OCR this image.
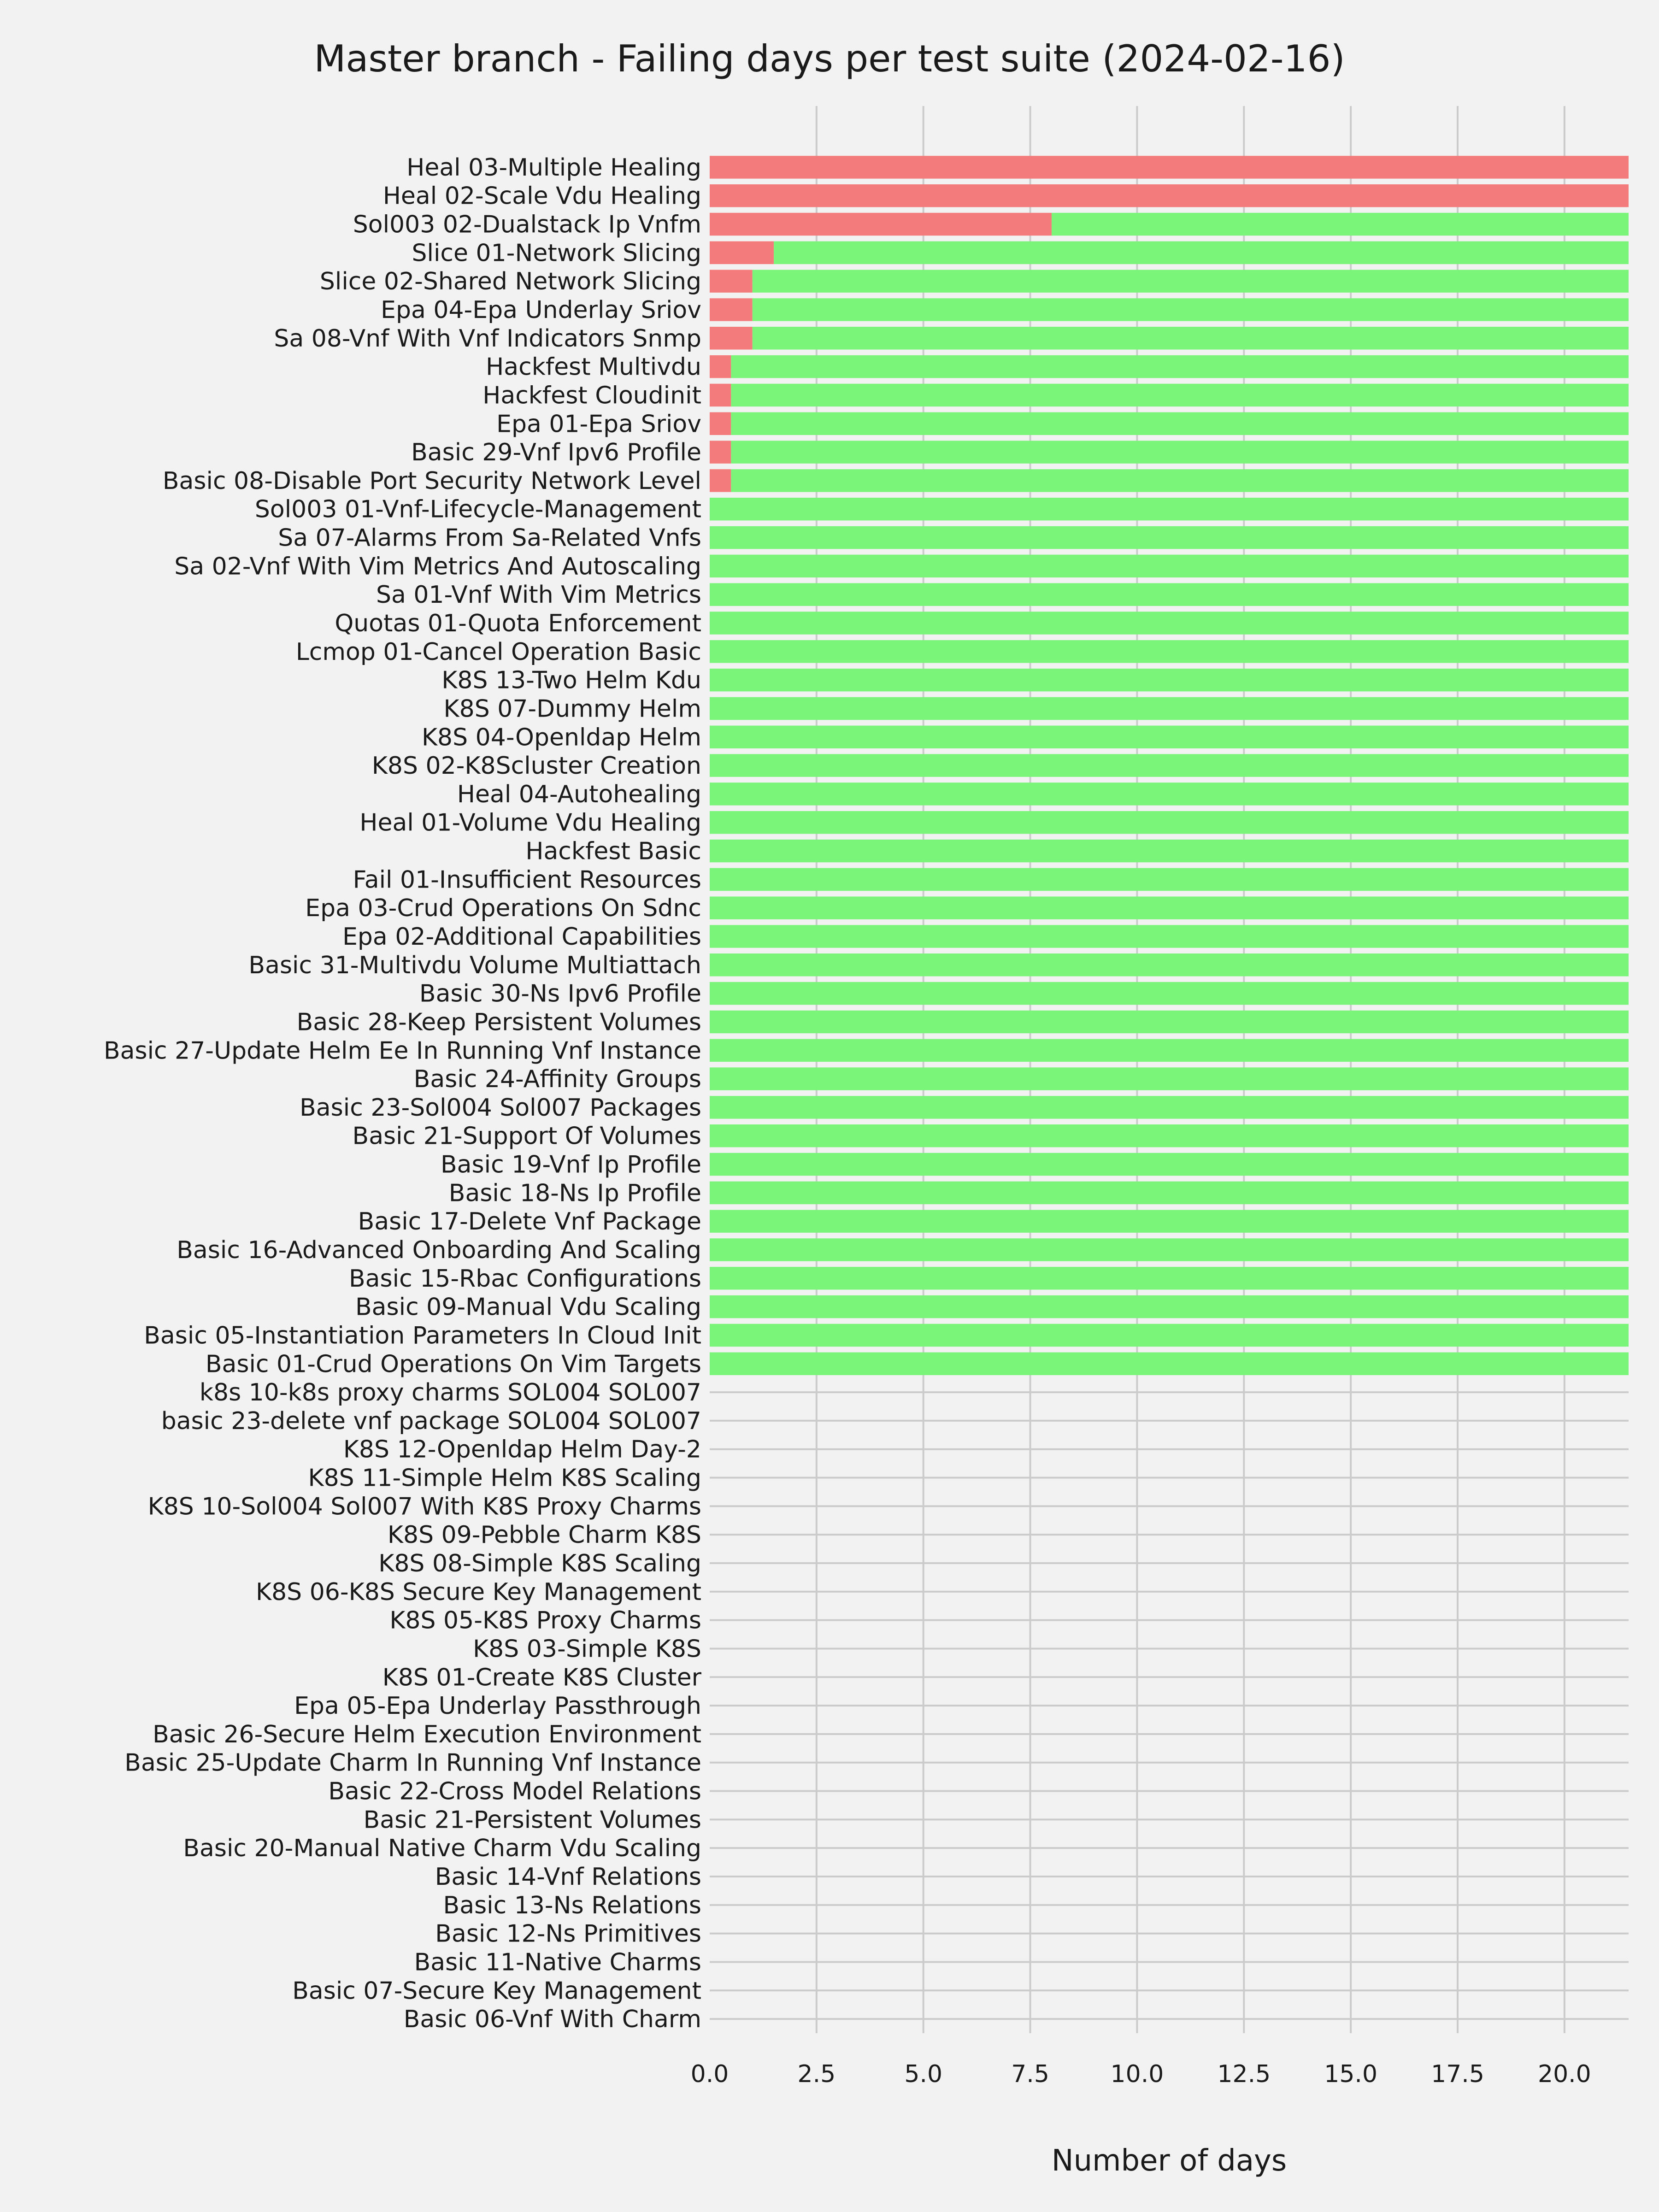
Master branch - Failing days per test suite (2024-02-16)
Heal 03-Multiple Healing
Heal 02-Scale Vdu Healing
Sol003 02-Dualstack Ip Vnfm
Slice 01-Network Slicing
Slice 02-Shared Network Slicing
Epa 04-Epa Underlay Sriov
Sa 08-Vnf With Vnf Indicators Snmp
Hackfest Multivdu
Hackfest Cloudinit
Epa 01-Epa Sriov
Basic 29-Vnf Ipv6 Profile
Basic 08-Disable Port Security Network Level
Sol003 01-Vnf-Lifecycle-Management
Sa 07-Alarms From Sa-Related Vnfs
Sa 02-Vnf With Vim Metrics And Autoscaling
Sa 01-Vnf With Vim Metrics
Quotas 01-Quota Enforcement
Lcmop 01-Cancel Operation Basic
K8S 13-Two Helm Kdu
K8S 07-Dummy Helm
K8S 04-Openldap Helm
K8S 02-K8Scluster Creation
Heal 04-Autohealing
Heal 01-Volume Vdu Healing
Hackfest Basic
Fail 01-Insufficient Resources
Epa 03-Crud Operations On Sdnc
Epa 02-Additional Capabilities
Basic 31-Multivdu Volume Multiattach
Basic 30-Ns Ipv6 Profile
Basic 28-Keep Persistent Volumes
Basic 27-Update Helm Ee In Running Vnf Instance
Basic 24-Affinity Groups
Basic 23-Sol004 Sol007 Packages
Basic 21-Support Of Volumes
Basic 19-Vnf Ip Profile
Basic 18-Ns Ip Profile
Basic 17-Delete Vnf Package
Basic 16-Advanced Onboarding And Scaling
Basic 15-Rbac Configurations
Basic 09-Manual Vdu Scaling
Basic 05-Instantiation Parameters In Cloud Init
Basic 01-Crud Operations On Vim Targets
k8s 10-k8s proxy charms SOL004 SOL007
basic 23-delete vnf package SOL004 SOL007
K8S 12-Openldap Helm Day-2
K8S 11-Simple Helm K8S Scaling
K8S 10-Sol004 Sol007 With K8S Proxy Charms
K8S 09-Pebble Charm K8S
K8S 08-Simple K8S Scaling
K8S 06-K8S Secure Key Management
K8S 05-K8S Proxy Charms
K8S 03-Simple K8S
K8S 01-Create K8S Cluster
Epa 05-Epa Underlay Passthrough
Basic 26-Secure Helm Execution Environment
Basic 25-Update Charm In Running Vnf Instance
Basic 22-Cross Model Relations
Basic 21-Persistent Volumes
Basic 20-Manual Native Charm Vdu Scaling
Basic 14-Vnf Relations
Basic 13-Ns Relations
Basic 12-Ns Primitives
Basic 11-Native Charms
Basic 07-Secure Key Management
Basic 06-Vnf With Charm
0.0	2.5	5.0	7.5	10.0 12.5 15.0 17.5 20.0
Number of days
